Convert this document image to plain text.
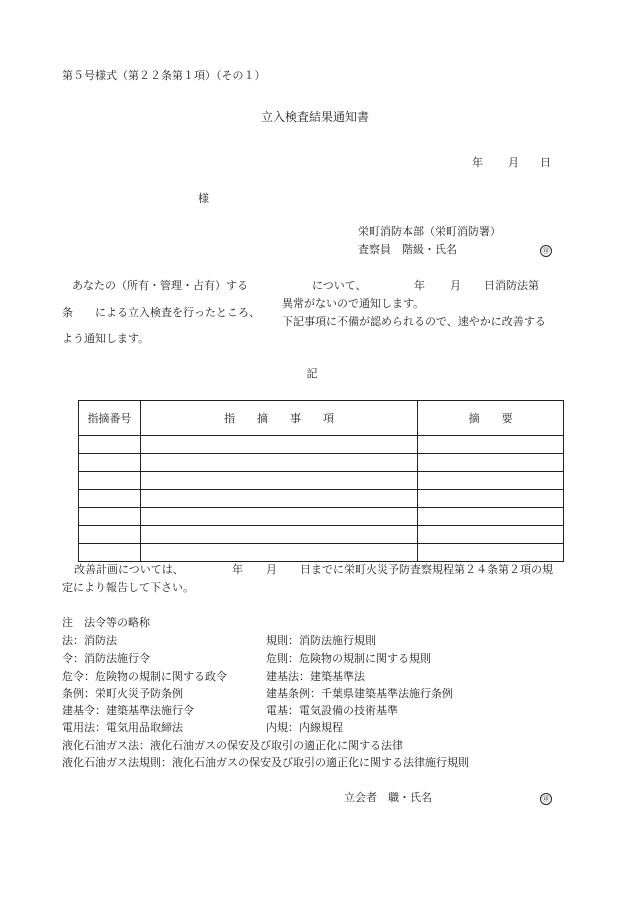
第５号様式（第２２条第１項）（その１）
立入検査結果通知書
年 月 日
様
栄町消防本部（栄町消防署）
査察員　階級・氏名	㊞
あなたの（所有・管理・占有）する	について、	年 月 日消防法第
条　　による立入検査を行ったところ、
異常がないので通知します。
下記事項に不備が認められるので、速やかに改善する
よう通知します。
記
指摘番号	指　　摘　　事　　項	摘　　要

改善計画については、	年 月 日までに栄町火災予防査察規程第２４条第２項の規
定により報告して下さい。
注　法令等の略称
法：消防法	規則：消防法施行規則
令：消防法施行令	危則：危険物の規制に関する規則
危令：危険物の規制に関する政令	建基法：建築基準法
条例：栄町火災予防条例	建基条例：千葉県建築基準法施行条例
建基令：建築基準法施行令	電基：電気設備の技術基準
電用法：電気用品取締法	内規：内線規程
液化石油ガス法：液化石油ガスの保安及び取引の適正化に関する法律
液化石油ガス法規則：液化石油ガスの保安及び取引の適正化に関する法律施行規則
立会者　職・氏名	㊞
